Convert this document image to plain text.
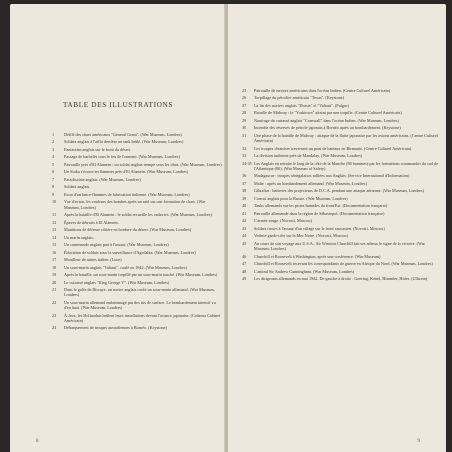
TABLE DES ILLUSTRATIONS
1	Défilé des chars américains "General Grant". (War Museum, Londres)
2	Soldats anglais à l'affût derrière un tank brûlé. (War Museum, Londres)
3	Fantassins anglais sur le front du désert.
4	Passage de barbelés sous le feu de l'ennemi. (War Museum, Londres)
5	Patrouille près d'El Alamein : un soldat anglais trempe sous les obus. (War Museum, Londres)
6	Un Stuka s'écrase en flammes près d'El Alamein. (War Museum, Londres)
7	Parachutiste anglais. (War Museum, Londres)
8	Soldats anglais.
9	Essai d'un lance-flammes de fabrication italienne. (War Museum, Londres)
10	Vue d'avion, les couleurs des bombes après un raid sur une formation de chars. (War Museum, Londres)
11	Après la bataille d'El Alamein : le soldat recueille les cadavres. (War Museum, Londres)
12	Épaves de détruits à El Alamein.
13	Munitions de défense côtière en bordure du désert. (War Museum, Londres)
14	Un marin anglais.
15	Un commando anglais part à l'assaut. (War Museum, Londres)
16	Éducation de soldats sous la surveillance d'Agedabia. (War Museum, Londres)
17	Mouilleur de mines italien. (Luce)
18	Un sous-marin anglais "Valiant", coulé en 1942. (War Museum, Londres)
19	Après la bataille, un sous-marin torpillé par un sous-marin touché. (War Museum, Londres)
20	Le cuirassé anglais "King George V". (War Museum, Londres)
21	Dans le golfe de Biscaye, un navire anglais coule un sous-marin allemand. (War Museum, Londres)
22	Un sous-marin allemand endommagé par des tirs de surface. Le bombardement intensif vu d'en haut. (War Museum, Londres)
23	À Java, les Hollandais brûlent leurs installations devant l'avance japonaise. (Coûteux Cabinet Américain)
24	Débarquement de troupes australiennes à Bornéo. (Keystone)
8
25	Patrouille de navires américains dans l'océan Indien. (Centre Culturel Américain)
26	Torpillage du pétrolier américain "Texas". (Keystone)
27	La fin des navires anglais "Dorset" et "Valiant". (Fulgur)
28	Bataille de Midway : le "Yorktown" atteint par une torpille. (Centre Culturel Américain)
29	Naufrage du cuirassé anglais "Cornwall" dans l'océan Indien. (War Museum, Londres)
30	Incendie des réserves de pétrole japonais à Bornéo après un bombardement. (Keystone)
31	Une phase de la bataille de Midway : attaque de la flotte japonaise par les avions américains. (Centre Culturel Américain)
32	Les troupes chinoises traversent un pont de bateaux en Birmanie. (Centre Culturel Américain)
33	La division indienne près de Mandalay. (War Museum, Londres)
34-35 Les Anglais en retraite le long de la côte de la Manche (80 hommes) par les formations commandos du sud de l'Atlantique (80). (War Museum of Safety)
36	Madagascar : troupes sénégalaises ralliées aux Anglais. (Service International d'Information)
37	Malte : après un bombardement allemand. (War Museum, Londres)
38	Gibraltar : batteries des projecteurs de D.C.A. pendant une attaque aérienne. (War Museum, Londres)
39	Convoi anglais pour la Russie. (War Museum, Londres)
40	Tanks allemands sur les pistes humides du front Est. (Documentation française)
41	Patrouille allemande dans la région de Sébastopol. (Documentation française)
42	L'armée rouge. (Novosti, Moscou)
43	Soldats russes à l'assaut d'un village sur le front caucasien. (Novosti, Moscou)
44	Vedette garde-côte sur la Mer Noire. (Novosti, Moscou)
45	Au cours de son voyage aux U.S.A., Sir Winston Churchill fait ses adieux le signe de la victoire. (War Museum, Londres)
46	Churchill et Roosevelt à Washington, après une conférence. (War Museum)
47	Churchill et Roosevelt recevant les correspondants de guerre en Afrique du Nord. (War Museum, Londres)
48	L'amiral Sir Andrew Cunningham. (War Museum, Londres)
49	Les dirigeants allemands en mai 1942. De gauche à droite : Goering, Keitel, Himmler, Hitler. (Ullstein)
9
